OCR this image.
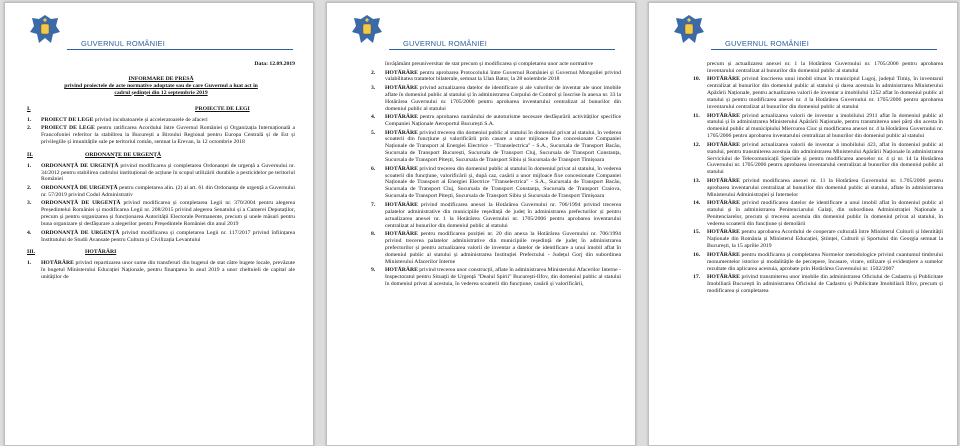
GUVERNUL ROMÂNIEI
Data: 12.09.2019
INFORMARE DE PRESĂ
privind proiectele de acte normative adoptate sau de care Guvernul a luat act în
cadrul ședinței din 12 septembrie 2019
I.	PROIECTE DE LEGI
1.	PROIECT DE LEGE privind incubatoarele și acceleratoarele de afaceri
2.	PROIECT DE LEGE pentru ratificarea Acordului între Guvernul României și Organizația Internațională a Francofoniei referitor la stabilirea la București a Biroului Regional pentru Europa Centrală și de Est și privilegiile și imunitățile sale pe teritoriul român, semnat la Erevan, la 12 octombrie 2018
II.	ORDONANȚE DE URGENȚĂ
1.	ORDONANȚĂ DE URGENȚĂ privind modificarea și completarea Ordonanței de urgență a Guvernului nr. 34/2012 pentru stabilirea cadrului instituțional de acțiune în scopul utilizării durabile a pesticidelor pe teritoriul României
2.	ORDONANȚĂ DE URGENȚĂ pentru completarea alin. (2) al art. 61 din Ordonanța de urgență a Guvernului nr. 57/2019 privind Codul Administrativ
3.	ORDONANȚĂ DE URGENȚĂ privind modificarea și completarea Legii nr. 370/2004 pentru alegerea Președintelui României și modificarea Legii nr. 208/2015 privind alegerea Senatului și a Camerei Deputaților, precum și pentru organizarea și funcționarea Autorității Electorale Permanente, precum și unele măsuri pentru buna organizare și desfășurare a alegerilor pentru Președintele României din anul 2019
4.	ORDONANȚĂ DE URGENȚĂ privind modificarea și completarea Legii nr. 117/2017 privind înființarea Institutului de Studii Avansate pentru Cultura și Civilizația Levantului
III.	HOTĂRÂRI
1.	HOTĂRÂRE privind repartizarea unor sume din transferuri din bugetul de stat către bugete locale, prevăzute în bugetul Ministerului Educației Naționale, pentru finanțarea în anul 2019 a unor cheltuieli de capital ale unităților de
GUVERNUL ROMÂNIEI
învățământ preuniversitar de stat precum și modificarea și completarea unor acte normative
2.	HOTĂRÂRE pentru aprobarea Protocolului între Guvernul României și Guvernul Mongoliei privind valabilitatea tratatelor bilaterale, semnat la Ulan Bator, la 28 noiembrie 2018
3.	HOTĂRÂRE privind actualizarea datelor de identificare și ale valorilor de inventar ale unor imobile aflate în domeniul public al statului și în administrarea Corpului de Control și înscrise în anexa nr. 33 la Hotărârea Guvernului nr. 1705/2006 pentru aprobarea inventarului centralizat al bunurilor din domeniul public al statului
4.	HOTĂRÂRE pentru aprobarea numărului de autoturisme necesare desfășurării activităților specifice Companiei Naționale Aeroportul București S.A.
5.	HOTĂRÂRE privind trecerea din domeniul public al statului în domeniul privat al statului, în vederea scoaterii din funcțiune și valorificării prin casare a unor mijloace fixe concesionate Companiei Naționale de Transport al Energiei Electrice - "Transelectrica" - S.A., Sucursala de Transport Bacău, Sucursala de Transport București, Sucursala de Transport Cluj, Sucursala de Transport Constanța, Sucursala de Transport Pitești, Sucursala de Transport Sibiu și Sucursala de Transport Timișoara
6.	HOTĂRÂRE privind trecerea din domeniul public al statului în domeniul privat al statului, în vederea scoaterii din funcțiune, valorificării și, după caz, casării a unor mijloace fixe concesionate Companiei Naționale de Transport al Energiei Electrice "Transelectrica" - S.A., Sucursala de Transport Bacău, Sucursala de Transport Cluj, Sucursala de Transport Constanța, Sucursala de Transport Craiova, Sucursala de Transport Pitești, Sucursala de Transport Sibiu și Sucursala de Transport Timișoara
7.	HOTĂRÂRE privind modificarea anexei la Hotărârea Guvernului nr. 706/1994 privind trecerea palatelor administrative din municipiile reședință de județ în administrarea prefecturilor și pentru actualizarea anexei nr. 1 la Hotărârea Guvernului nr. 1705/2006 pentru aprobarea inventarului centralizat al bunurilor din domeniul public al statului
8.	HOTĂRÂRE pentru modificarea poziției nr. 20 din anexa la Hotărârea Guvernului nr. 706/1994 privind trecerea palatelor administrative din municipiile reședință de județ în administrarea prefecturilor și pentru actualizarea valorii de inventar a datelor de identificare a unui imobil aflat în domeniul public al statului și administrarea Instituției Prefectului - Județul Gorj din subordinea Ministerului Afacerilor Interne
9.	HOTĂRÂRE privind trecerea unor construcții, aflate în administrarea Ministerului Afacerilor Interne - Inspectoratul pentru Situații de Urgență "Dealul Spirii" București-Ilfov, din domeniul public al statului în domeniul privat al acestuia, în vederea scoaterii din funcțiune, casării și valorificării,
GUVERNUL ROMÂNIEI
precum și actualizarea anexei nr. 1 la Hotărârea Guvernului nr. 1705/2006 pentru aprobarea inventarului centralizat al bunurilor din domeniul public al statului
10.	HOTĂRÂRE privind înscrierea unui imobil situat în municipiul Lugoj, județul Timiș, în inventarul centralizat al bunurilor din domeniul public al statului și darea acestuia în administrarea Ministerului Apărării Naționale, pentru actualizarea valorii de inventar a imobilului 1252 aflat în domeniul public al statului și pentru modificarea anexei nr. 4 la Hotărârea Guvernului nr. 1705/2006 pentru aprobarea inventarului centralizat al bunurilor din domeniul public al statului
11.	HOTĂRÂRE privind actualizarea valorii de inventar a imobilului 2911 aflat în domeniul public al statului și în administrarea Ministerului Apărării Naționale, pentru transmiterea unei părți din acesta în domeniul public al municipiului Miercurea Ciuc și modificarea anexei nr. 4 la Hotărârea Guvernului nr. 1705/2006 pentru aprobarea inventarului centralizat al bunurilor din domeniul public al statului
12.	HOTĂRÂRE privind actualizarea valorii de inventar a imobilului 423, aflat în domeniul public al statului, pentru transmiterea acestuia din administrarea Ministerului Apărării Naționale în administrarea Serviciului de Telecomunicații Speciale și pentru modificarea anexelor nr. 4 și nr. 14 la Hotărârea Guvernului nr. 1705/2006 pentru aprobarea inventarului centralizat al bunurilor din domeniul public al statului
13.	HOTĂRÂRE privind modificarea anexei nr. 11 la Hotărârea Guvernului nr. 1.705/2006 pentru aprobarea inventarului centralizat al bunurilor din domeniul public al statului, aflate în administrarea Ministerului Administrației și Internelor
14.	HOTĂRÂRE privind modificarea datelor de identificare a unui imobil aflat în domeniul public al statului și în administrarea Penitenciarului Galați, din subordinea Administrației Naționale a Penitenciarelor, precum și trecerea acestuia din domeniul public în domeniul privat al statului, în vederea scoaterii din funcțiune și demolării
15.	HOTĂRÂRE pentru aprobarea Acordului de cooperare culturală între Ministerul Culturii și Identității Naționale din România și Ministerul Educației, Științei, Culturii și Sportului din Georgia semnat la București, la 15 aprilie 2019
16.	HOTĂRÂRE pentru modificarea și completarea Normelor metodologice privind cuantumul timbrului monumentelor istorice și modalitățile de percepere, încasare, virare, utilizare și evidențiere a sumelor rezultate din aplicarea acestuia, aprobate prin Hotărârea Guvernului nr. 1502/2007
17.	HOTĂRÂRE privind transmiterea unor imobile din administrarea Oficiului de Cadastru și Publicitate Imobiliară București în administrarea Oficiului de Cadastru și Publicitate Imobiliară Ilfov, precum și modificarea și completarea
